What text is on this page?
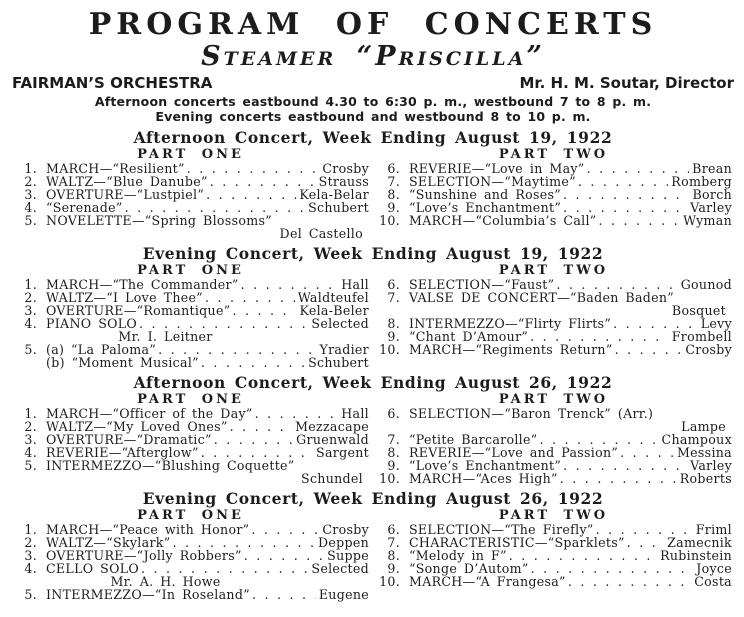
PROGRAM OF CONCERTS
Steamer “Priscilla”
FAIRMAN’S ORCHESTRA	Mr. H. M. Soutar, Director
Afternoon concerts eastbound 4.30 to 6:30 p. m., westbound 7 to 8 p. m.
Evening concerts eastbound and westbound 8 to 10 p. m.
Afternoon Concert, Week Ending August 19, 1922
PART ONE
1. MARCH—“Resilient” . . .	Crosby
2. WALTZ—“Blue Danube” . . .	Strauss
3. OVERTURE—“Lustpiel” . . .	Kela-Belar
4. “Serenade” . . .	Schubert
5. NOVELETTE—“Spring Blossoms”
Del Castello
PART TWO
6. REVERIE—“Love in May” . . .	Brean
7. SELECTION—“Maytime” . . .	Romberg
8. “Sunshine and Roses” . . .	Borch
9. “Love’s Enchantment” . . .	Varley
10. MARCH—“Columbia’s Call” . . .	Wyman
Evening Concert, Week Ending August 19, 1922
PART ONE
1. MARCH—“The Commander” . . .	Hall
2. WALTZ—“I Love Thee” . . .	Waldteufel
3. OVERTURE—“Romantique” . . .	Kela-Beler
4. PIANO SOLO . . .	Selected
Mr. I. Leitner
5. (a) “La Paloma” . . .	Yradier
(b) “Moment Musical” . . .	Schubert
PART TWO
6. SELECTION—“Faust” . . .	Gounod
7. VALSE DE CONCERT—“Baden Baden”
Bosquet
8. INTERMEZZO—“Flirty Flirts” . . .	Levy
9. “Chant D’Amour” . . .	Frombell
10. MARCH—“Regiments Return” . . .	Crosby
Afternoon Concert, Week Ending August 26, 1922
PART ONE
1. MARCH—“Officer of the Day” . . .	Hall
2. WALTZ—“My Loved Ones” . . .	Mezzacape
3. OVERTURE—“Dramatic” . . .	Gruenwald
4. REVERIE—“Afterglow” . . .	Sargent
5. INTERMEZZO—“Blushing Coquette”
Schundel
PART TWO
6. SELECTION—“Baron Trenck” (Arr.)
Lampe
7. “Petite Barcarolle” . . .	Champoux
8. REVERIE—“Love and Passion” . . .	Messina
9. “Love’s Enchantment” . . .	Varley
10. MARCH—“Aces High” . . .	Roberts
Evening Concert, Week Ending August 26, 1922
PART ONE
1. MARCH—“Peace with Honor” . . .	Crosby
2. WALTZ—“Skylark” . . .	Deppen
3. OVERTURE—“Jolly Robbers” . . .	Suppe
4. CELLO SOLO . . .	Selected
Mr. A. H. Howe
5. INTERMEZZO—“In Roseland” . . .	Eugene
PART TWO
6. SELECTION—“The Firefly” . . .	Friml
7. CHARACTERISTIC—“Sparklets” . . .	Zamecnik
8. “Melody in F” . . .	Rubinstein
9. “Songe D’Autom” . . .	Joyce
10. MARCH—“A Frangesa” . . .	Costa
